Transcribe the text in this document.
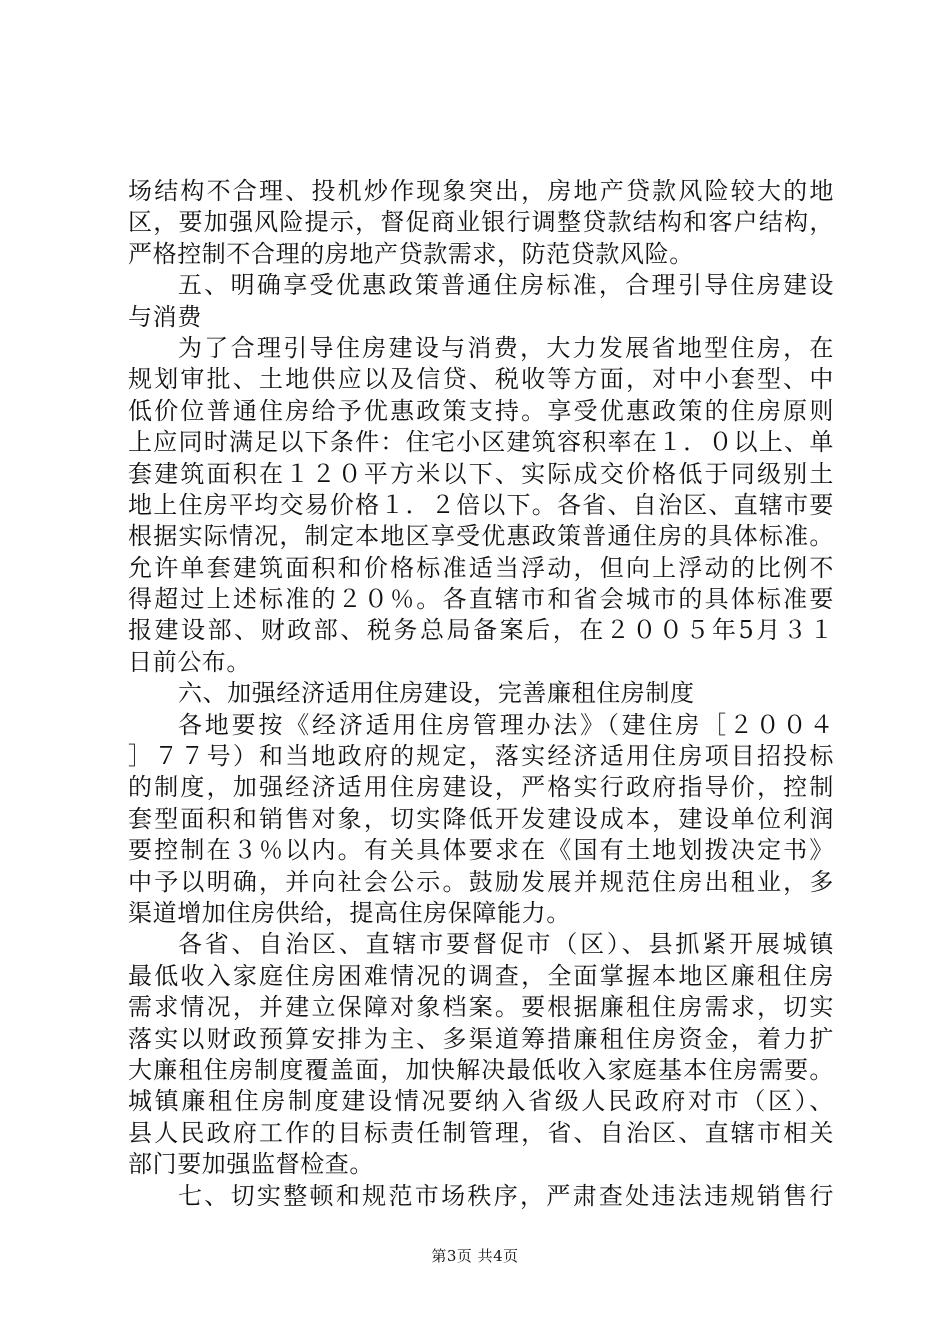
场结构不合理、投机炒作现象突出，房地产贷款风险较大的地
区，要加强风险提示，督促商业银行调整贷款结构和客户结构，
严格控制不合理的房地产贷款需求，防范贷款风险。
五、明确享受优惠政策普通住房标准，合理引导住房建设
与消费
为了合理引导住房建设与消费，大力发展省地型住房，在
规划审批、土地供应以及信贷、税收等方面，对中小套型、中
低价位普通住房给予优惠政策支持。享受优惠政策的住房原则
上应同时满足以下条件：住宅小区建筑容积率在１．０以上、单
套建筑面积在１２０平方米以下、实际成交价格低于同级别土
地上住房平均交易价格１．２倍以下。各省、自治区、直辖市要
根据实际情况，制定本地区享受优惠政策普通住房的具体标准。
允许单套建筑面积和价格标准适当浮动，但向上浮动的比例不
得超过上述标准的２０％。各直辖市和省会城市的具体标准要
报建设部、财政部、税务总局备案后，在２００５年5月３１
日前公布。
六、加强经济适用住房建设，完善廉租住房制度
各地要按《经济适用住房管理办法》（建住房［２００４
］７７号）和当地政府的规定，落实经济适用住房项目招投标
的制度，加强经济适用住房建设，严格实行政府指导价，控制
套型面积和销售对象，切实降低开发建设成本，建设单位利润
要控制在３％以内。有关具体要求在《国有土地划拨决定书》
中予以明确，并向社会公示。鼓励发展并规范住房出租业，多
渠道增加住房供给，提高住房保障能力。
各省、自治区、直辖市要督促市（区）、县抓紧开展城镇
最低收入家庭住房困难情况的调查，全面掌握本地区廉租住房
需求情况，并建立保障对象档案。要根据廉租住房需求，切实
落实以财政预算安排为主、多渠道筹措廉租住房资金，着力扩
大廉租住房制度覆盖面，加快解决最低收入家庭基本住房需要。
城镇廉租住房制度建设情况要纳入省级人民政府对市（区）、
县人民政府工作的目标责任制管理，省、自治区、直辖市相关
部门要加强监督检查。
七、切实整顿和规范市场秩序，严肃查处违法违规销售行
第3页 共4页
